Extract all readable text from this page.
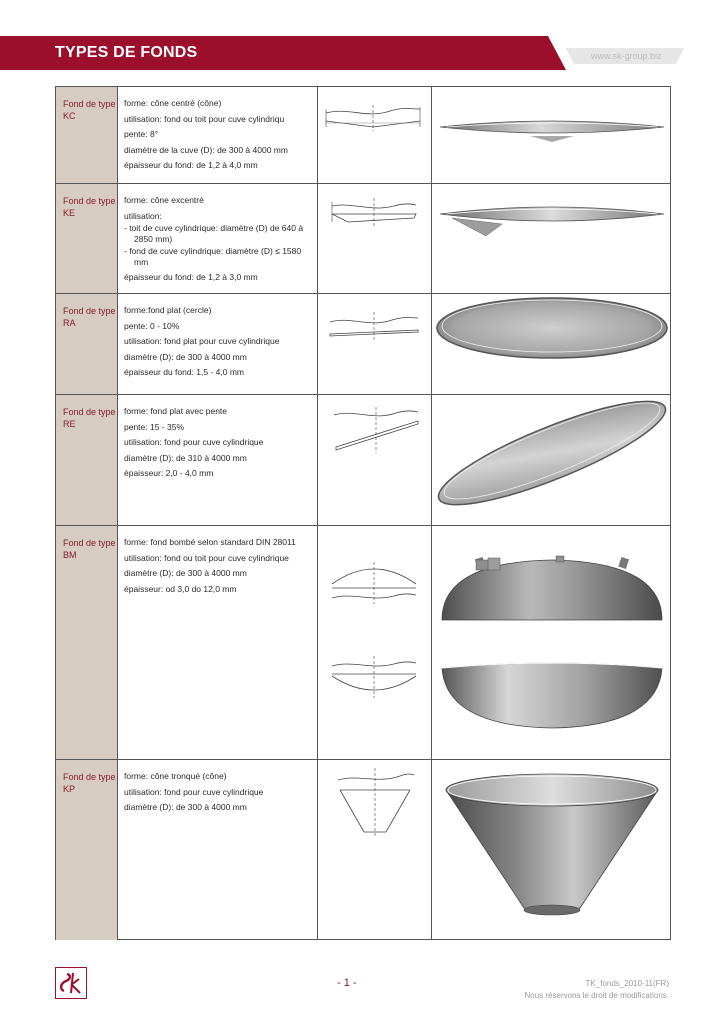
TYPES DE FONDS	www.sk-group.biz
Fond de type
KC
forme: cône centré (cône)
utilisation: fond ou toit pour cuve cylindriqu
pente: 8°
diamètre de la cuve (D): de 300 à 4000 mm
épaisseur du fond: de 1,2 à 4,0 mm
Fond de type
KE
forme: cône excentré
utilisation:
- toit de cuve cylindrique: diamètre (D) de 640 à 2850 mm)
- fond de cuve cylindrique: diamètre (D) ≤ 1580 mm
épaisseur du fond: de 1,2 à 3,0 mm
Fond de type
RA
forme:fond plat (cercle)
pente: 0 - 10%
utilisation: fond plat pour cuve cylindrique
diamètre (D): de 300 à 4000 mm
épaisseur du fond: 1,5 - 4,0 mm
Fond de type
RE
forme: fond plat avec pente
pente: 15 - 35%
utilisation: fond pour cuve cylindrique
diamètre (D): de 310 à 4000 mm
épaisseur: 2,0 - 4,0 mm
Fond de type
BM
forme: fond bombé selon standard DIN 28011
utilisation: fond ou toit pour cuve cylindrique
diamètre (D): de 300 à 4000 mm
épaisseur: od 3,0 do 12,0 mm
Fond de type
KP
forme: cône tronqué (cône)
utilisation: fond pour cuve cylindrique
diamètre (D): de 300 à 4000 mm
- 1 -	TK_fonds_2010-11(FR)
Nous réservons le droit de modifications.
